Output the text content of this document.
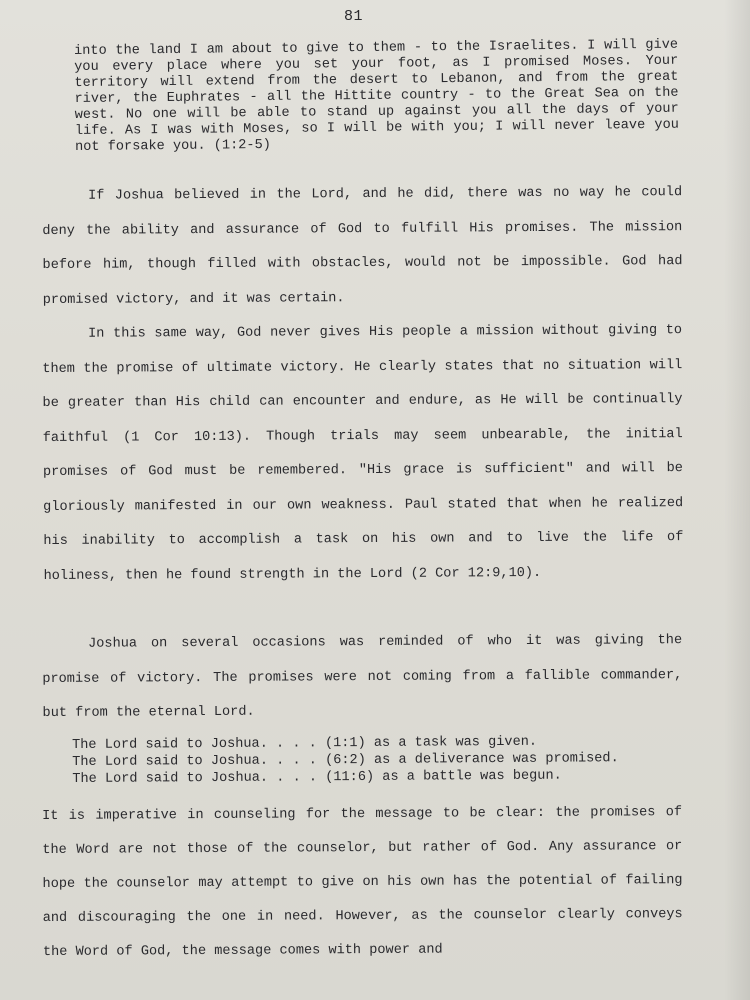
81
into the land I am about to give to them - to the Israelites. I will give you every place where you set your foot, as I promised Moses. Your territory will extend from the desert to Lebanon, and from the great river, the Euphrates - all the Hittite country - to the Great Sea on the west. No one will be able to stand up against you all the days of your life. As I was with Moses, so I will be with you; I will never leave you not forsake you. (1:2-5)
If Joshua believed in the Lord, and he did, there was no way he could deny the ability and assurance of God to fulfill His promises. The mission before him, though filled with obstacles, would not be impossible. God had promised victory, and it was certain.
In this same way, God never gives His people a mission without giving to them the promise of ultimate victory. He clearly states that no situation will be greater than His child can encounter and endure, as He will be continually faithful (1 Cor 10:13). Though trials may seem unbearable, the initial promises of God must be remembered. "His grace is sufficient" and will be gloriously manifested in our own weakness. Paul stated that when he realized his inability to accomplish a task on his own and to live the life of holiness, then he found strength in the Lord (2 Cor 12:9,10).
Joshua on several occasions was reminded of who it was giving the promise of victory. The promises were not coming from a fallible commander, but from the eternal Lord.
The Lord said to Joshua. . . . (1:1) as a task was given.
The Lord said to Joshua. . . . (6:2) as a deliverance was promised.
The Lord said to Joshua. . . . (11:6) as a battle was begun.
It is imperative in counseling for the message to be clear: the promises of the Word are not those of the counselor, but rather of God. Any assurance or hope the counselor may attempt to give on his own has the potential of failing and discouraging the one in need. However, as the counselor clearly conveys the Word of God, the message comes with power and
